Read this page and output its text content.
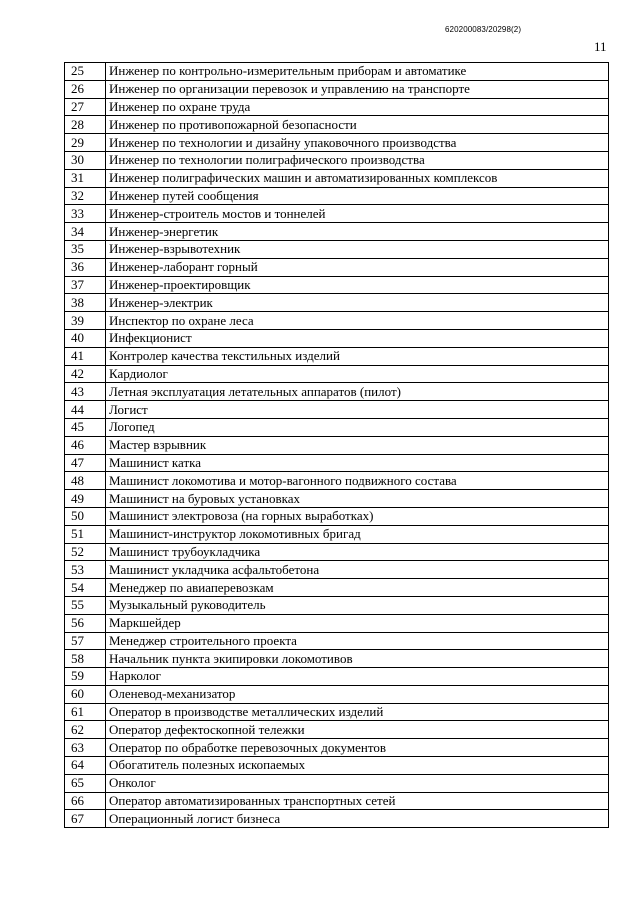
620200083/20298(2)
11
25	Инженер по контрольно-измерительным приборам и автоматике
26	Инженер по организации перевозок и управлению на транспорте
27	Инженер по охране труда
28	Инженер по противопожарной безопасности
29	Инженер по технологии и дизайну упаковочного производства
30	Инженер по технологии полиграфического производства
31	Инженер полиграфических машин и автоматизированных комплексов
32	Инженер путей сообщения
33	Инженер-строитель мостов и тоннелей
34	Инженер-энергетик
35	Инженер-взрывотехник
36	Инженер-лаборант горный
37	Инженер-проектировщик
38	Инженер-электрик
39	Инспектор по охране леса
40	Инфекционист
41	Контролер качества текстильных изделий
42	Кардиолог
43	Летная эксплуатация летательных аппаратов (пилот)
44	Логист
45	Логопед
46	Мастер взрывник
47	Машинист катка
48	Машинист локомотива и мотор-вагонного подвижного состава
49	Машинист на буровых установках
50	Машинист электровоза (на горных выработках)
51	Машинист-инструктор локомотивных бригад
52	Машинист трубоукладчика
53	Машинист укладчика асфальтобетона
54	Менеджер по авиаперевозкам
55	Музыкальный руководитель
56	Маркшейдер
57	Менеджер строительного проекта
58	Начальник пункта экипировки локомотивов
59	Нарколог
60	Оленевод-механизатор
61	Оператор в производстве металлических изделий
62	Оператор дефектоскопной тележки
63	Оператор по обработке перевозочных документов
64	Обогатитель полезных ископаемых
65	Онколог
66	Оператор автоматизированных транспортных сетей
67	Операционный логист бизнеса
